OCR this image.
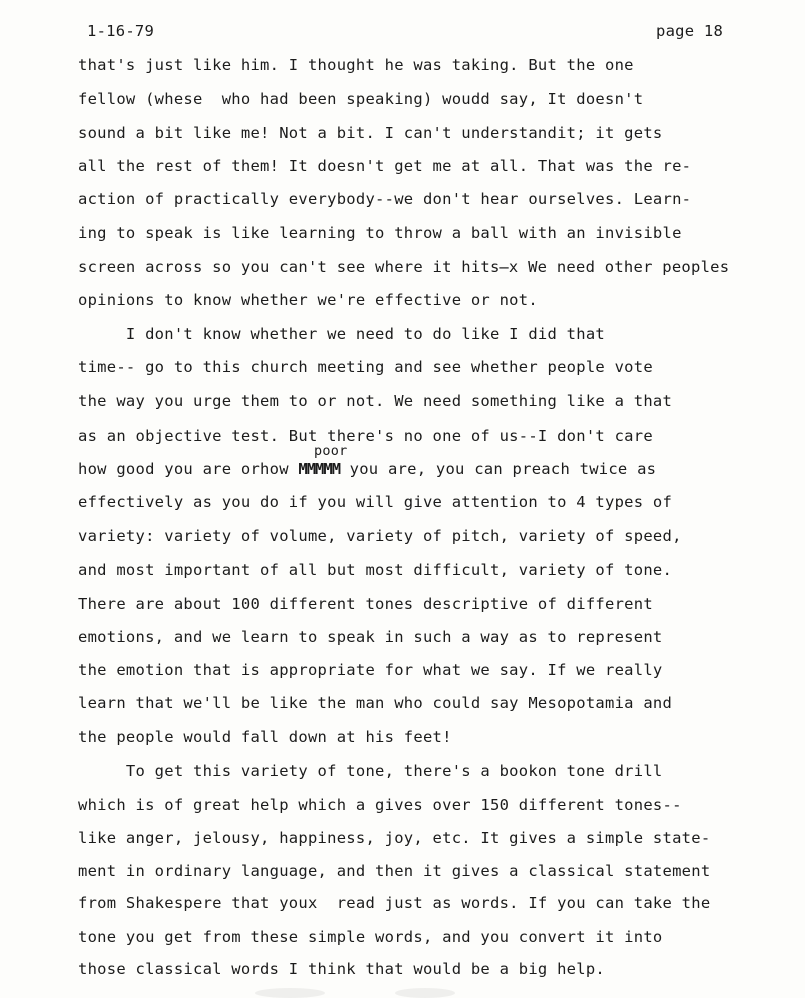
1-16-79	page 18
that's just like him. I thought he was taking. But the one
fellow (whese  who had been speaking) woudd say, It doesn't
sound a bit like me! Not a bit. I can't understandit; it gets
all the rest of them! It doesn't get me at all. That was the re-
action of practically everybody--we don't hear ourselves. Learn-
ing to speak is like learning to throw a ball with an invisible
screen across so you can't see where it hits̶x We need other peoples
opinions to know whether we're effective or not.
I don't know whether we need to do like I did that
time-- go to this church meeting and see whether people vote
the way you urge them to or not. We need something like a that
as an objective test. But there's no one of us--I don't care
poor
how good you are orhow MMMMM you are, you can preach twice as
effectively as you do if you will give attention to 4 types of
variety: variety of volume, variety of pitch, variety of speed,
and most important of all but most difficult, variety of tone.
There are about 100 different tones descriptive of different
emotions, and we learn to speak in such a way as to represent
the emotion that is appropriate for what we say. If we really
learn that we'll be like the man who could say Mesopotamia and
the people would fall down at his feet!
To get this variety of tone, there's a bookon tone drill
which is of great help which a gives over 150 different tones--
like anger, jelousy, happiness, joy, etc. It gives a simple state-
ment in ordinary language, and then it gives a classical statement
from Shakespere that youx  read just as words. If you can take the
tone you get from these simple words, and you convert it into
those classical words I think that would be a big help.
